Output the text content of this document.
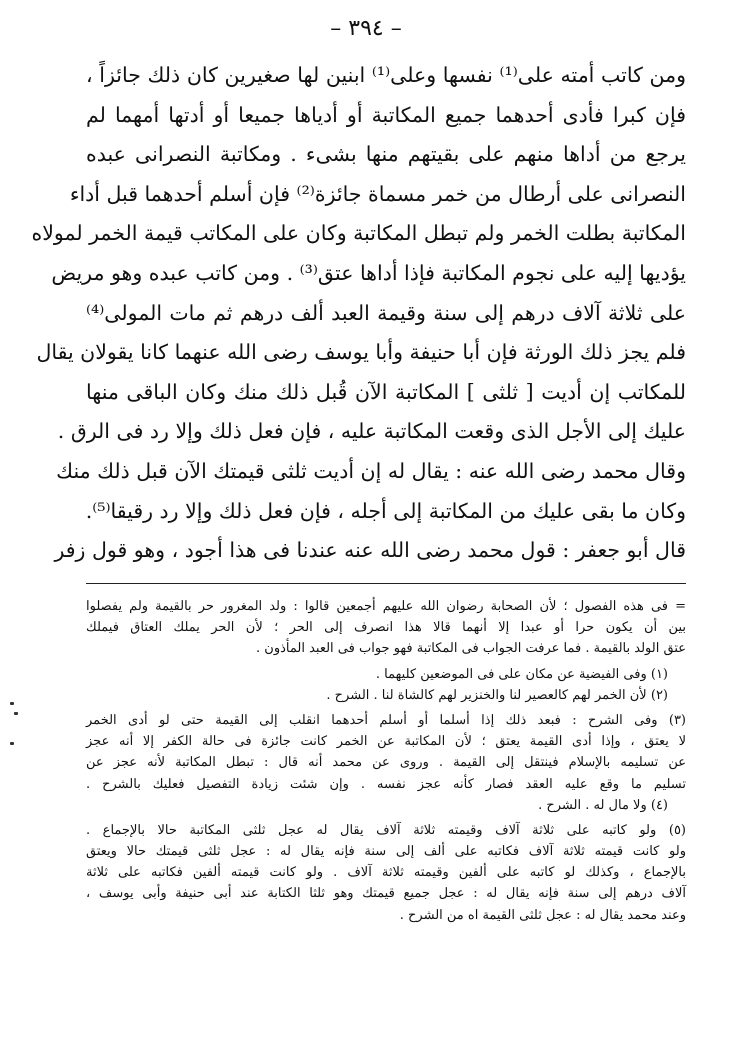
– ٣٩٤ –
ومن كاتب أمته على⁽¹⁾ نفسها وعلى⁽¹⁾ ابنين لها صغيرين كان ذلك جائزاً ،
فإن كبرا فأدى أحدهما جميع المكاتبة أو أدياها جميعا أو أدتها أمهما لم
يرجع من أداها منهم على بقيتهم منها بشىء . ومكاتبة النصرانى عبده
النصرانى على أرطال من خمر مسماة جائزة⁽²⁾ فإن أسلم أحدهما قبل أداء
المكاتبة بطلت الخمر ولم تبطل المكاتبة وكان على المكاتب قيمة الخمر لمولاه
يؤديها إليه على نجوم المكاتبة فإذا أداها عتق⁽³⁾ . ومن كاتب عبده وهو مريض
على ثلاثة آلاف درهم إلى سنة وقيمة العبد ألف درهم ثم مات المولى⁽⁴⁾
فلم يجز ذلك الورثة فإن أبا حنيفة وأبا يوسف رضى الله عنهما كانا يقولان يقال
للمكاتب إن أديت [ ثلثى ] المكاتبة الآن قُبل ذلك منك وكان الباقى منها
عليك إلى الأجل الذى وقعت المكاتبة عليه ، فإن فعل ذلك وإلا رد فى الرق .
وقال محمد رضى الله عنه : يقال له إن أديت ثلثى قيمتك الآن قبل ذلك منك
وكان ما بقى عليك من المكاتبة إلى أجله ، فإن فعل ذلك وإلا رد رقيقا⁽⁵⁾.
قال أبو جعفر : قول محمد رضى الله عنه عندنا فى هذا أجود ، وهو قول زفر
= فى هذه الفصول ؛ لأن الصحابة رضوان الله عليهم أجمعين قالوا : ولد المغرور حر بالقيمة ولم يفصلوا
بين أن يكون حرا أو عبدا إلا أنهما قالا هذا انصرف إلى الحر ؛ لأن الحر يملك العتاق فيملك
عتق الولد بالقيمة . فما عرفت الجواب فى المكاتبة فهو جواب فى العبد المأذون .
(١) وفى الفيضية عن مكان على فى الموضعين كليهما .
(٢) لأن الخمر لهم كالعصير لنا والخنزير لهم كالشاة لنا . الشرح .
(٣) وفى الشرح : فبعد ذلك إذا أسلما أو أسلم أحدهما انقلب إلى القيمة حتى لو أدى الخمر
لا يعتق ، وإذا أدى القيمة يعتق ؛ لأن المكاتبة عن الخمر كانت جائزة فى حالة الكفر إلا أنه عجز
عن تسليمه بالإسلام فينتقل إلى القيمة . وروى عن محمد أنه قال : تبطل المكاتبة لأنه عجز عن
تسليم ما وقع عليه العقد فصار كأنه عجز نفسه . وإن شئت زيادة التفصيل فعليك بالشرح .
(٤) ولا مال له . الشرح .
(٥) ولو كاتبه على ثلاثة آلاف وقيمته ثلاثة آلاف يقال له عجل ثلثى المكاتبة حالا بالإجماع .
ولو كانت قيمته ثلاثة آلاف فكاتبه على ألف إلى سنة فإنه يقال له : عجل ثلثى قيمتك حالا ويعتق
بالإجماع ، وكذلك لو كاتبه على ألفين وقيمته ثلاثة آلاف . ولو كانت قيمته ألفين فكاتبه على ثلاثة
آلاف درهم إلى سنة فإنه يقال له : عجل جميع قيمتك وهو ثلثا الكتابة عند أبى حنيفة وأبى يوسف ،
وعند محمد يقال له : عجل ثلثى القيمة اه من الشرح .
